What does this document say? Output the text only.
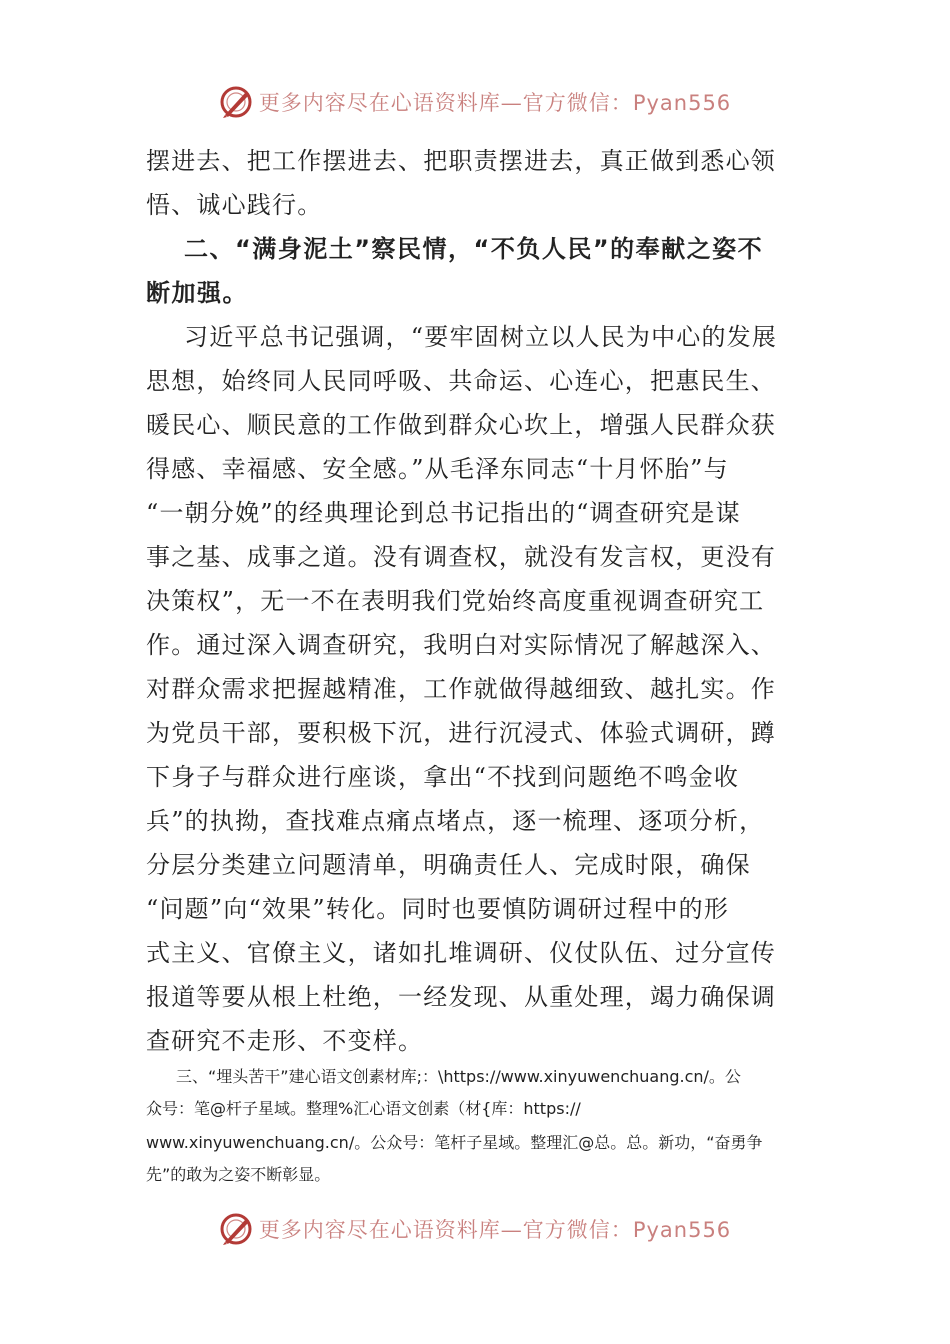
更多内容尽在心语资料库—官方微信：Pyan556
摆进去、把工作摆进去、把职责摆进去，真正做到悉心领
悟、诚心践行。
二、“满身泥土”察民情，“不负人民”的奉献之姿不
断加强。
习近平总书记强调，“要牢固树立以人民为中心的发展
思想，始终同人民同呼吸、共命运、心连心，把惠民生、
暖民心、顺民意的工作做到群众心坎上，增强人民群众获
得感、幸福感、安全感。”从毛泽东同志“十月怀胎”与
“一朝分娩”的经典理论到总书记指出的“调查研究是谋
事之基、成事之道。没有调查权，就没有发言权，更没有
决策权”，无一不在表明我们党始终高度重视调查研究工
作。通过深入调查研究，我明白对实际情况了解越深入、
对群众需求把握越精准，工作就做得越细致、越扎实。作
为党员干部，要积极下沉，进行沉浸式、体验式调研，蹲
下身子与群众进行座谈，拿出“不找到问题绝不鸣金收
兵”的执拗，查找难点痛点堵点，逐一梳理、逐项分析，
分层分类建立问题清单，明确责任人、完成时限，确保
“问题”向“效果”转化。同时也要慎防调研过程中的形
式主义、官僚主义，诸如扎堆调研、仪仗队伍、过分宣传
报道等要从根上杜绝，一经发现、从重处理，竭力确保调
查研究不走形、不变样。
三、“埋头苦干”建心语文创素材库;：\https://www.xinyuwenchuang.cn/。公
众号：笔@杆子星域。整理%汇心语文创素（材{库：https://
www.xinyuwenchuang.cn/。公众号：笔杆子星域。整理汇@总。总。新功，“奋勇争
先”的敢为之姿不断彰显。
更多内容尽在心语资料库—官方微信：Pyan556
